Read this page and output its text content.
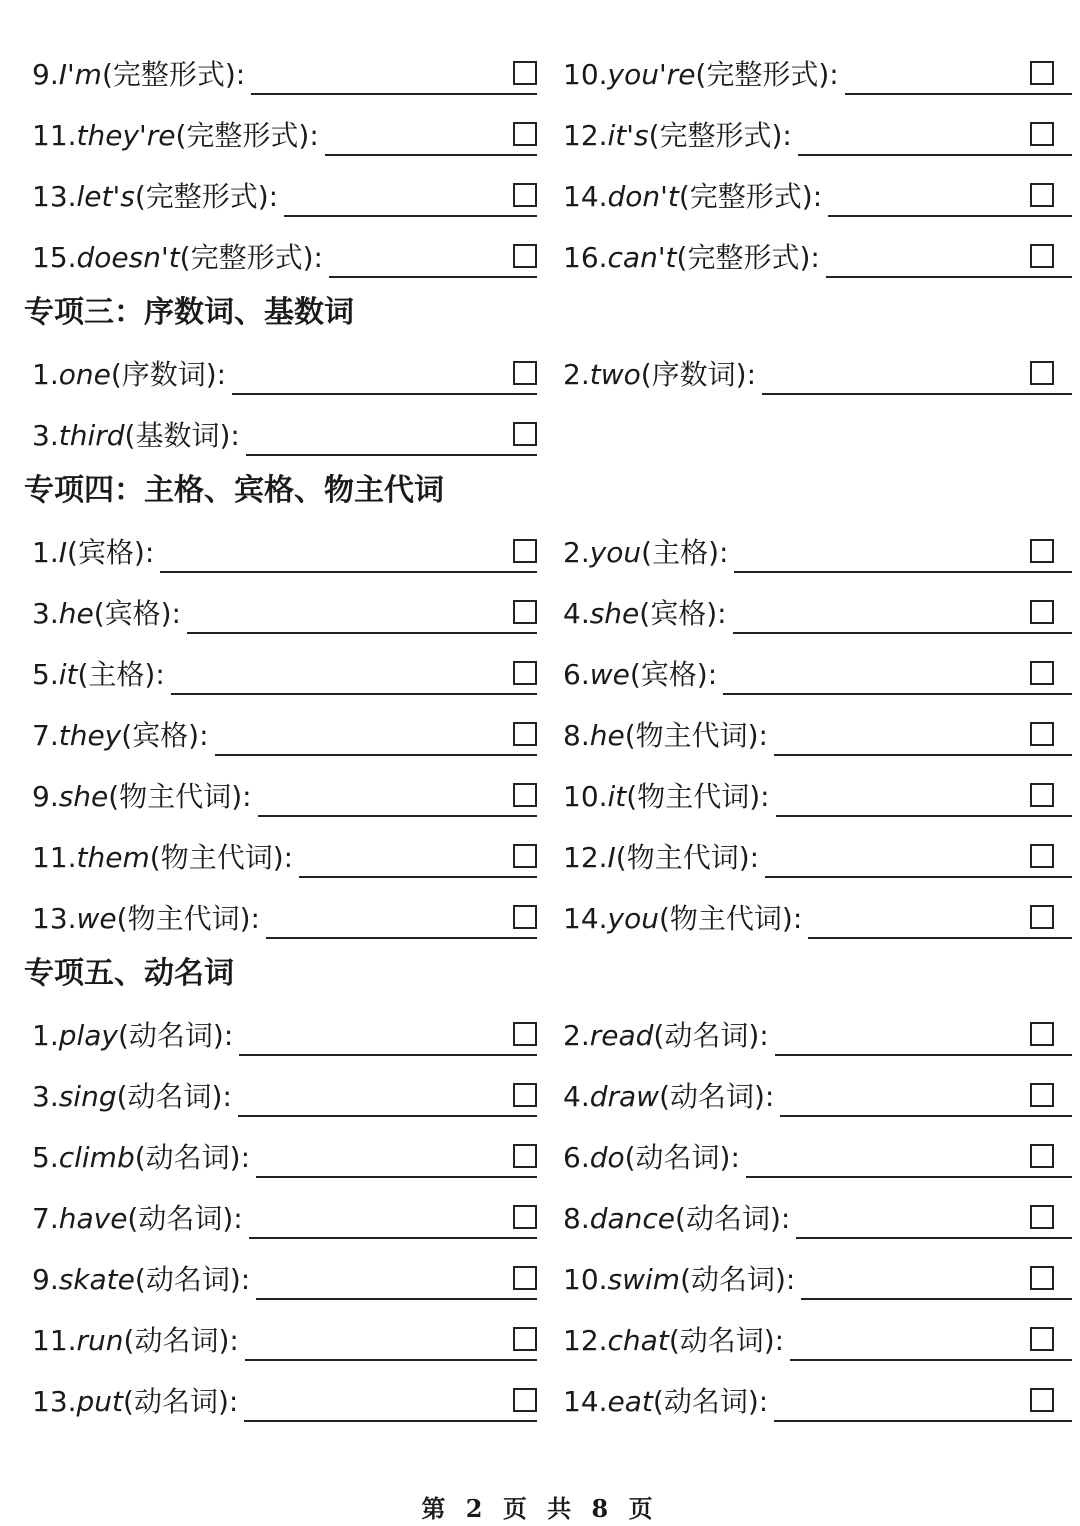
9.I'm(完整形式):	10.you're(完整形式):
11.they're(完整形式):	12.it's(完整形式):
13.let's(完整形式):	14.don't(完整形式):
15.doesn't(完整形式):	16.can't(完整形式):
专项三：序数词、基数词
1.one(序数词):	2.two(序数词):
3.third(基数词):
专项四：主格、宾格、物主代词
1.I(宾格):	2.you(主格):
3.he(宾格):	4.she(宾格):
5.it(主格):	6.we(宾格):
7.they(宾格):	8.he(物主代词):
9.she(物主代词):	10.it(物主代词):
11.them(物主代词):	12.I(物主代词):
13.we(物主代词):	14.you(物主代词):
专项五、动名词
1.play(动名词):	2.read(动名词):
3.sing(动名词):	4.draw(动名词):
5.climb(动名词):	6.do(动名词):
7.have(动名词):	8.dance(动名词):
9.skate(动名词):	10.swim(动名词):
11.run(动名词):	12.chat(动名词):
13.put(动名词):	14.eat(动名词):
第 2 页 共 8 页
